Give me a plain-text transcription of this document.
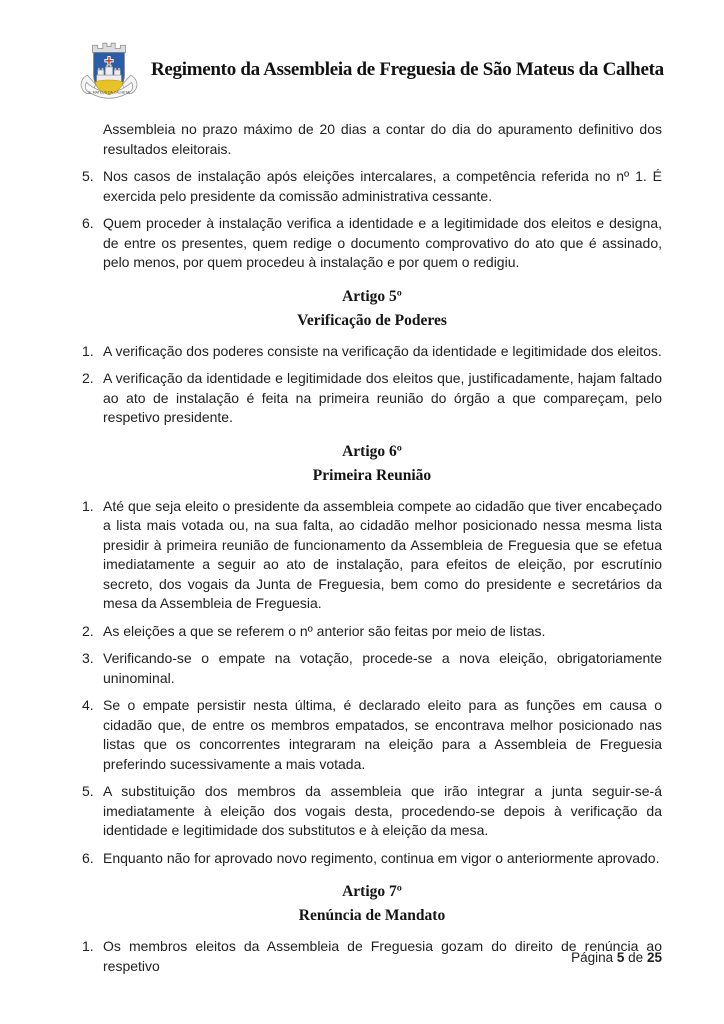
S. MATEUS DA CALHETA
Regimento da Assembleia de Freguesia de São Mateus da Calheta

Assembleia no prazo máximo de 20 dias a contar do dia do apuramento definitivo dos resultados eleitorais.

5. Nos casos de instalação após eleições intercalares, a competência referida no nº 1. É exercida pelo presidente da comissão administrativa cessante.

6. Quem proceder à instalação verifica a identidade e a legitimidade dos eleitos e designa, de entre os presentes, quem redige o documento comprovativo do ato que é assinado, pelo menos, por quem procedeu à instalação e por quem o redigiu.

Artigo 5º
Verificação de Poderes
1. A verificação dos poderes consiste na verificação da identidade e legitimidade dos eleitos.

2. A verificação da identidade e legitimidade dos eleitos que, justificadamente, hajam faltado ao ato de instalação é feita na primeira reunião do órgão a que compareçam, pelo respetivo presidente.

Artigo 6º
Primeira Reunião
1. Até que seja eleito o presidente da assembleia compete ao cidadão que tiver encabeçado a lista mais votada ou, na sua falta, ao cidadão melhor posicionado nessa mesma lista presidir à primeira reunião de funcionamento da Assembleia de Freguesia que se efetua imediatamente a seguir ao ato de instalação, para efeitos de eleição, por escrutínio secreto, dos vogais da Junta de Freguesia, bem como do presidente e secretários da mesa da Assembleia de Freguesia.

2. As eleições a que se referem o nº anterior são feitas por meio de listas.

3. Verificando-se o empate na votação, procede-se a nova eleição, obrigatoriamente uninominal.

4. Se o empate persistir nesta última, é declarado eleito para as funções em causa o cidadão que, de entre os membros empatados, se encontrava melhor posicionado nas listas que os concorrentes integraram na eleição para a Assembleia de Freguesia preferindo sucessivamente a mais votada.

5. A substituição dos membros da assembleia que irão integrar a junta seguir-se-á imediatamente à eleição dos vogais desta, procedendo-se depois à verificação da identidade e legitimidade dos substitutos e à eleição da mesa.

6. Enquanto não for aprovado novo regimento, continua em vigor o anteriormente aprovado.

Artigo 7º
Renúncia de Mandato
1. Os membros eleitos da Assembleia de Freguesia gozam do direito de renúncia ao respetivo	Página 5 de 25
